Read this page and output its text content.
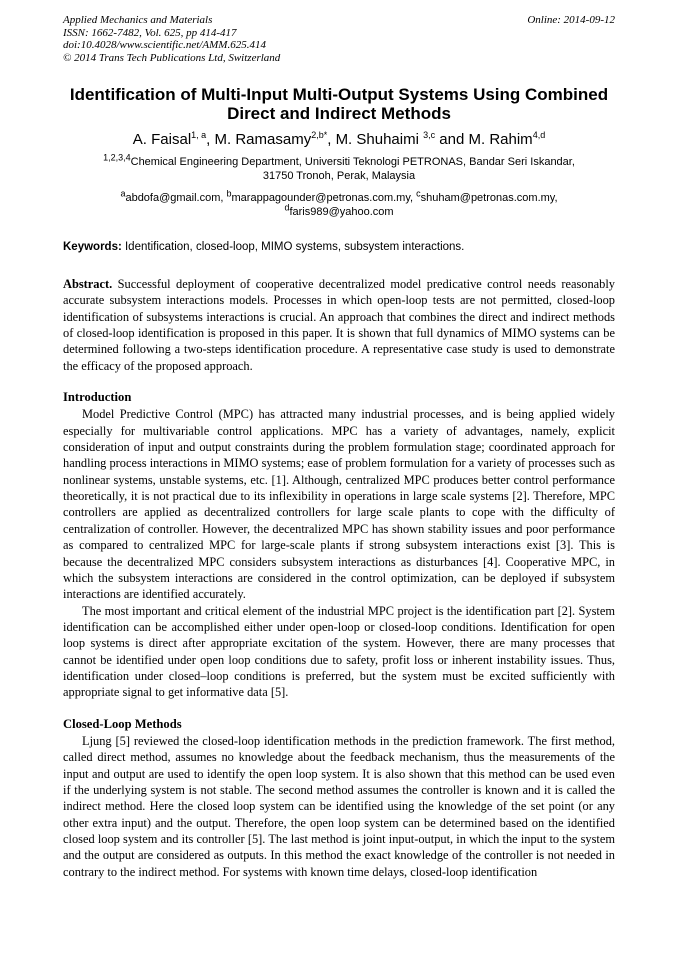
Applied Mechanics and Materials
ISSN: 1662-7482, Vol. 625, pp 414-417
doi:10.4028/www.scientific.net/AMM.625.414
© 2014 Trans Tech Publications Ltd, Switzerland
Online: 2014-09-12
Identification of Multi-Input Multi-Output Systems Using Combined
Direct and Indirect Methods
A. Faisal$^{1, a}$, M. Ramasamy$^{2,b*}$, M. Shuhaimi $^{3,c}$ and M. Rahim$^{4,d}$
$^{1,2,3,4}$Chemical Engineering Department, Universiti Teknologi PETRONAS, Bandar Seri Iskandar,
31750 Tronoh, Perak, Malaysia
$^a$abdofa@gmail.com, $^b$marappagounder@petronas.com.my, $^c$shuham@petronas.com.my,
$^d$faris989@yahoo.com
Keywords: Identification, closed-loop, MIMO systems, subsystem interactions.
Abstract. Successful deployment of cooperative decentralized model predicative control needs reasonably accurate subsystem interactions models. Processes in which open-loop tests are not permitted, closed-loop identification of subsystems interactions is crucial. An approach that combines the direct and indirect methods of closed-loop identification is proposed in this paper. It is shown that full dynamics of MIMO systems can be determined following a two-steps identification procedure. A representative case study is used to demonstrate the efficacy of the proposed approach.
Introduction

Model Predictive Control (MPC) has attracted many industrial processes, and is being applied widely especially for multivariable control applications. MPC has a variety of advantages, namely, explicit consideration of input and output constraints during the problem formulation stage; coordinated approach for handling process interactions in MIMO systems; ease of problem formulation for a variety of processes such as nonlinear systems, unstable systems, etc. [1]. Although, centralized MPC produces better control performance theoretically, it is not practical due to its inflexibility in operations in large scale systems [2]. Therefore, MPC controllers are applied as decentralized controllers for large scale plants to cope with the difficulty of centralization of controller. However, the decentralized MPC has shown stability issues and poor performance as compared to centralized MPC for large-scale plants if strong subsystem interactions exist [3]. This is because the decentralized MPC considers subsystem interactions as disturbances [4]. Cooperative MPC, in which the subsystem interactions are considered in the control optimization, can be deployed if subsystem interactions are identified accurately.

The most important and critical element of the industrial MPC project is the identification part [2]. System identification can be accomplished either under open-loop or closed-loop conditions. Identification for open loop systems is direct after appropriate excitation of the system. However, there are many processes that cannot be identified under open loop conditions due to safety, profit loss or inherent instability issues. Thus, identification under closed–loop conditions is preferred, but the system must be excited sufficiently with appropriate signal to get informative data [5].

Closed-Loop Methods

Ljung [5] reviewed the closed-loop identification methods in the prediction framework. The first method, called direct method, assumes no knowledge about the feedback mechanism, thus the measurements of the input and output are used to identify the open loop system. It is also shown that this method can be used even if the underlying system is not stable. The second method assumes the controller is known and it is called the indirect method. Here the closed loop system can be identified using the knowledge of the set point (or any other extra input) and the output. Therefore, the open loop system can be determined based on the identified closed loop system and its controller [5]. The last method is joint input-output, in which the input to the system and the output are considered as outputs. In this method the exact knowledge of the controller is not needed in contrary to the indirect method. For systems with known time delays, closed-loop identification
